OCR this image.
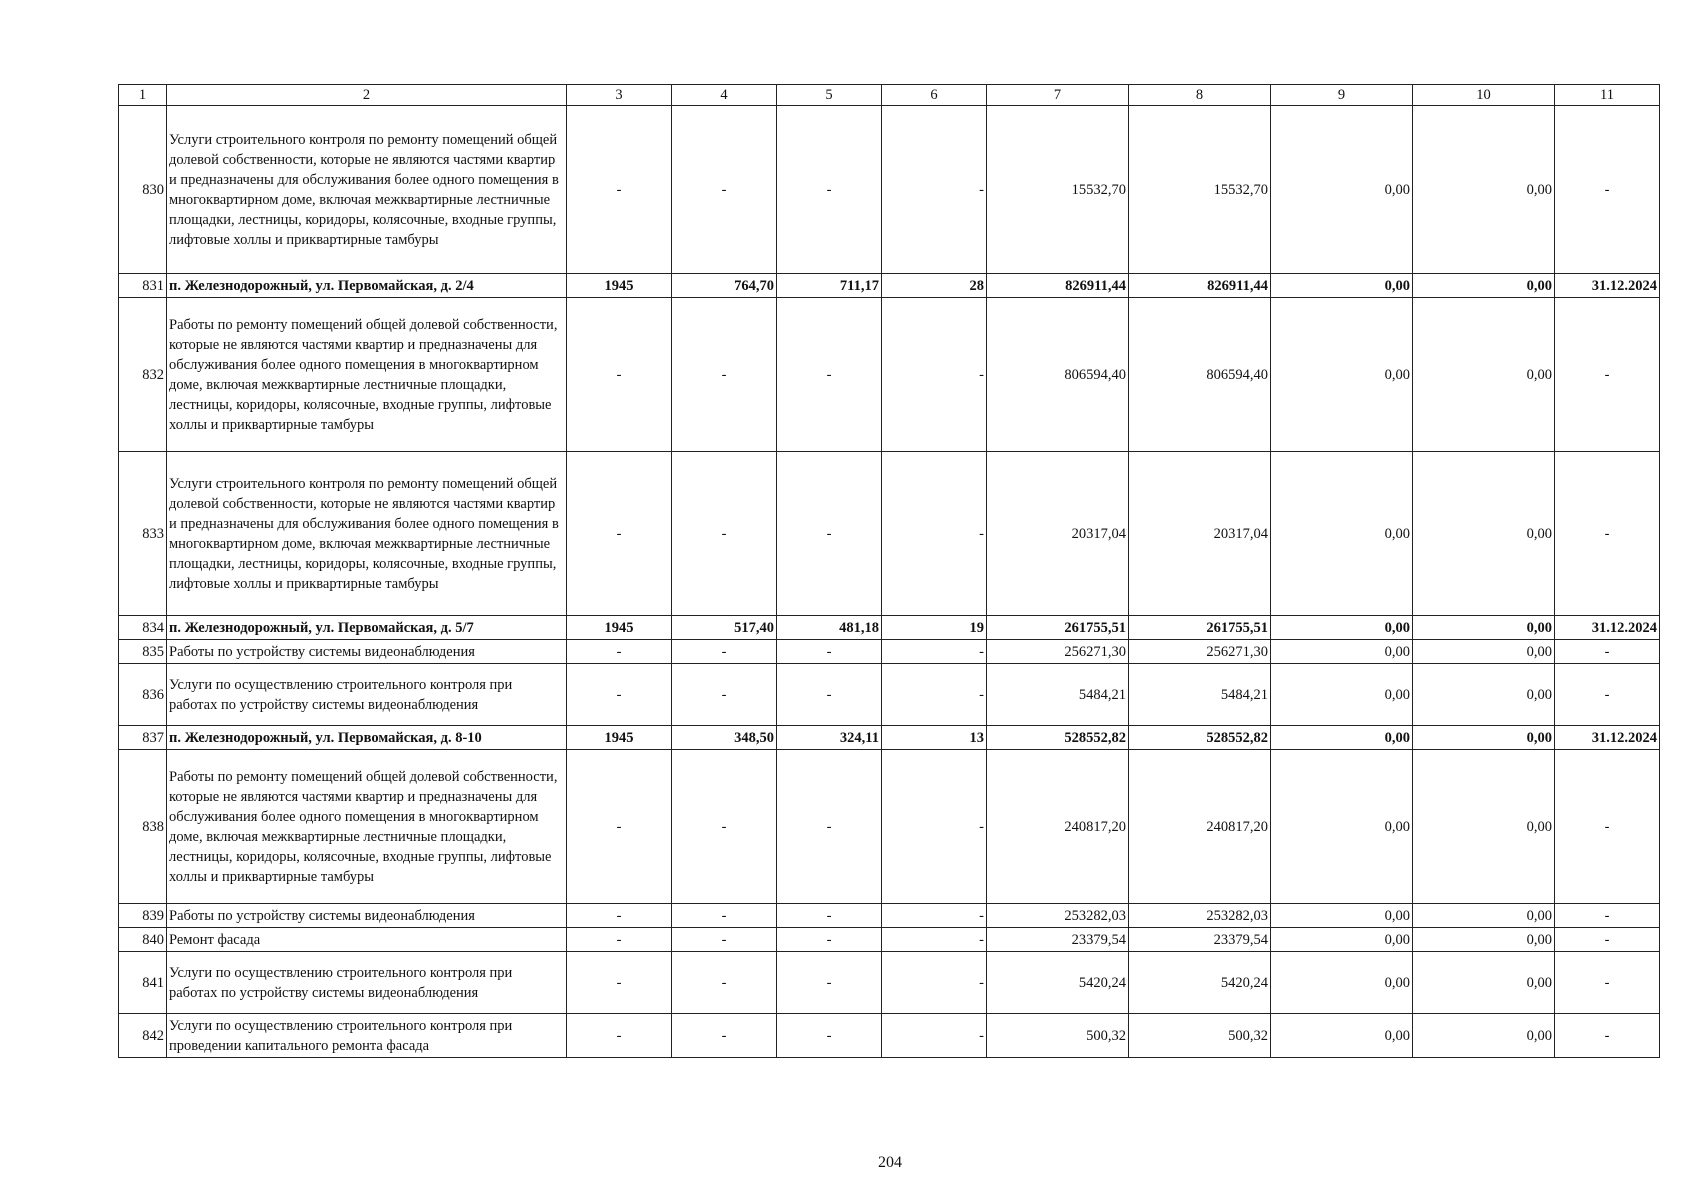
1	2	3	4	5	6	7	8	9	10	11
830	Услуги строительного контроля по ремонту помещений общей долевой собственности, которые не являются частями квартир и предназначены для обслуживания более одного помещения в многоквартирном доме, включая межквартирные лестничные площадки, лестницы, коридоры, колясочные, входные группы, лифтовые холлы и приквартирные тамбуры	-	-	-	-	15532,70	15532,70	0,00	0,00	-
831	п. Железнодорожный, ул. Первомайская, д. 2/4	1945	764,70	711,17	28	826911,44	826911,44	0,00	0,00	31.12.2024
832	Работы по ремонту помещений общей долевой собственности, которые не являются частями квартир и предназначены для обслуживания более одного помещения в многоквартирном доме, включая межквартирные лестничные площадки, лестницы, коридоры, колясочные, входные группы, лифтовые холлы и приквартирные тамбуры	-	-	-	-	806594,40	806594,40	0,00	0,00	-
833	Услуги строительного контроля по ремонту помещений общей долевой собственности, которые не являются частями квартир и предназначены для обслуживания более одного помещения в многоквартирном доме, включая межквартирные лестничные площадки, лестницы, коридоры, колясочные, входные группы, лифтовые холлы и приквартирные тамбуры	-	-	-	-	20317,04	20317,04	0,00	0,00	-
834	п. Железнодорожный, ул. Первомайская, д. 5/7	1945	517,40	481,18	19	261755,51	261755,51	0,00	0,00	31.12.2024
835	Работы по устройству системы видеонаблюдения	-	-	-	-	256271,30	256271,30	0,00	0,00	-
836	Услуги по осуществлению строительного контроля при работах по устройству системы видеонаблюдения	-	-	-	-	5484,21	5484,21	0,00	0,00	-
837	п. Железнодорожный, ул. Первомайская, д. 8-10	1945	348,50	324,11	13	528552,82	528552,82	0,00	0,00	31.12.2024
838	Работы по ремонту помещений общей долевой собственности, которые не являются частями квартир и предназначены для обслуживания более одного помещения в многоквартирном доме, включая межквартирные лестничные площадки, лестницы, коридоры, колясочные, входные группы, лифтовые холлы и приквартирные тамбуры	-	-	-	-	240817,20	240817,20	0,00	0,00	-
839	Работы по устройству системы видеонаблюдения	-	-	-	-	253282,03	253282,03	0,00	0,00	-
840	Ремонт фасада	-	-	-	-	23379,54	23379,54	0,00	0,00	-
841	Услуги по осуществлению строительного контроля при работах по устройству системы видеонаблюдения	-	-	-	-	5420,24	5420,24	0,00	0,00	-
842	Услуги по осуществлению строительного контроля при проведении капитального ремонта фасада	-	-	-	-	500,32	500,32	0,00	0,00	-
204
